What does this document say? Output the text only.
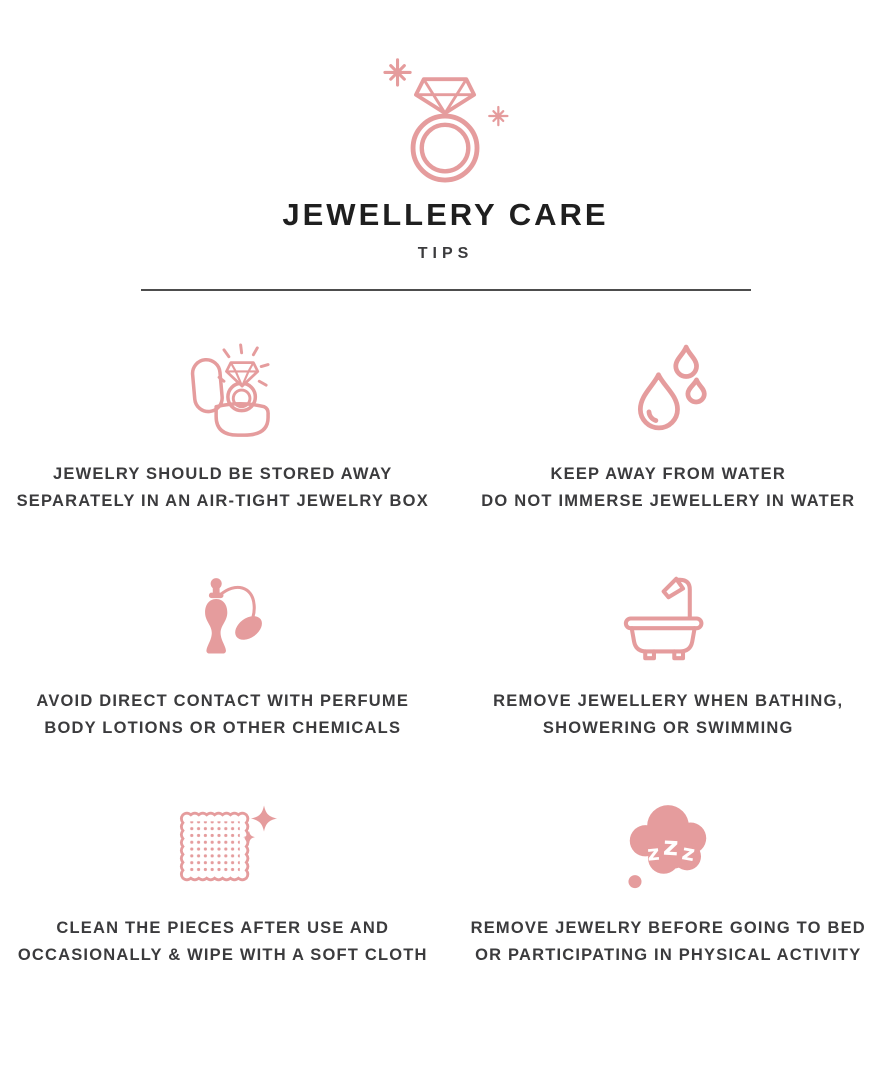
JEWELLERY CARE
TIPS
JEWELRY SHOULD BE STORED AWAY
SEPARATELY IN AN AIR-TIGHT JEWELRY BOX
KEEP AWAY FROM WATER
DO NOT IMMERSE JEWELLERY IN WATER
AVOID DIRECT CONTACT WITH PERFUME
BODY LOTIONS OR OTHER CHEMICALS
REMOVE JEWELLERY WHEN BATHING,
SHOWERING OR SWIMMING
CLEAN THE PIECES AFTER USE AND
OCCASIONALLY & WIPE WITH A SOFT CLOTH
z z z
REMOVE JEWELRY BEFORE GOING TO BED
OR PARTICIPATING IN PHYSICAL ACTIVITY
